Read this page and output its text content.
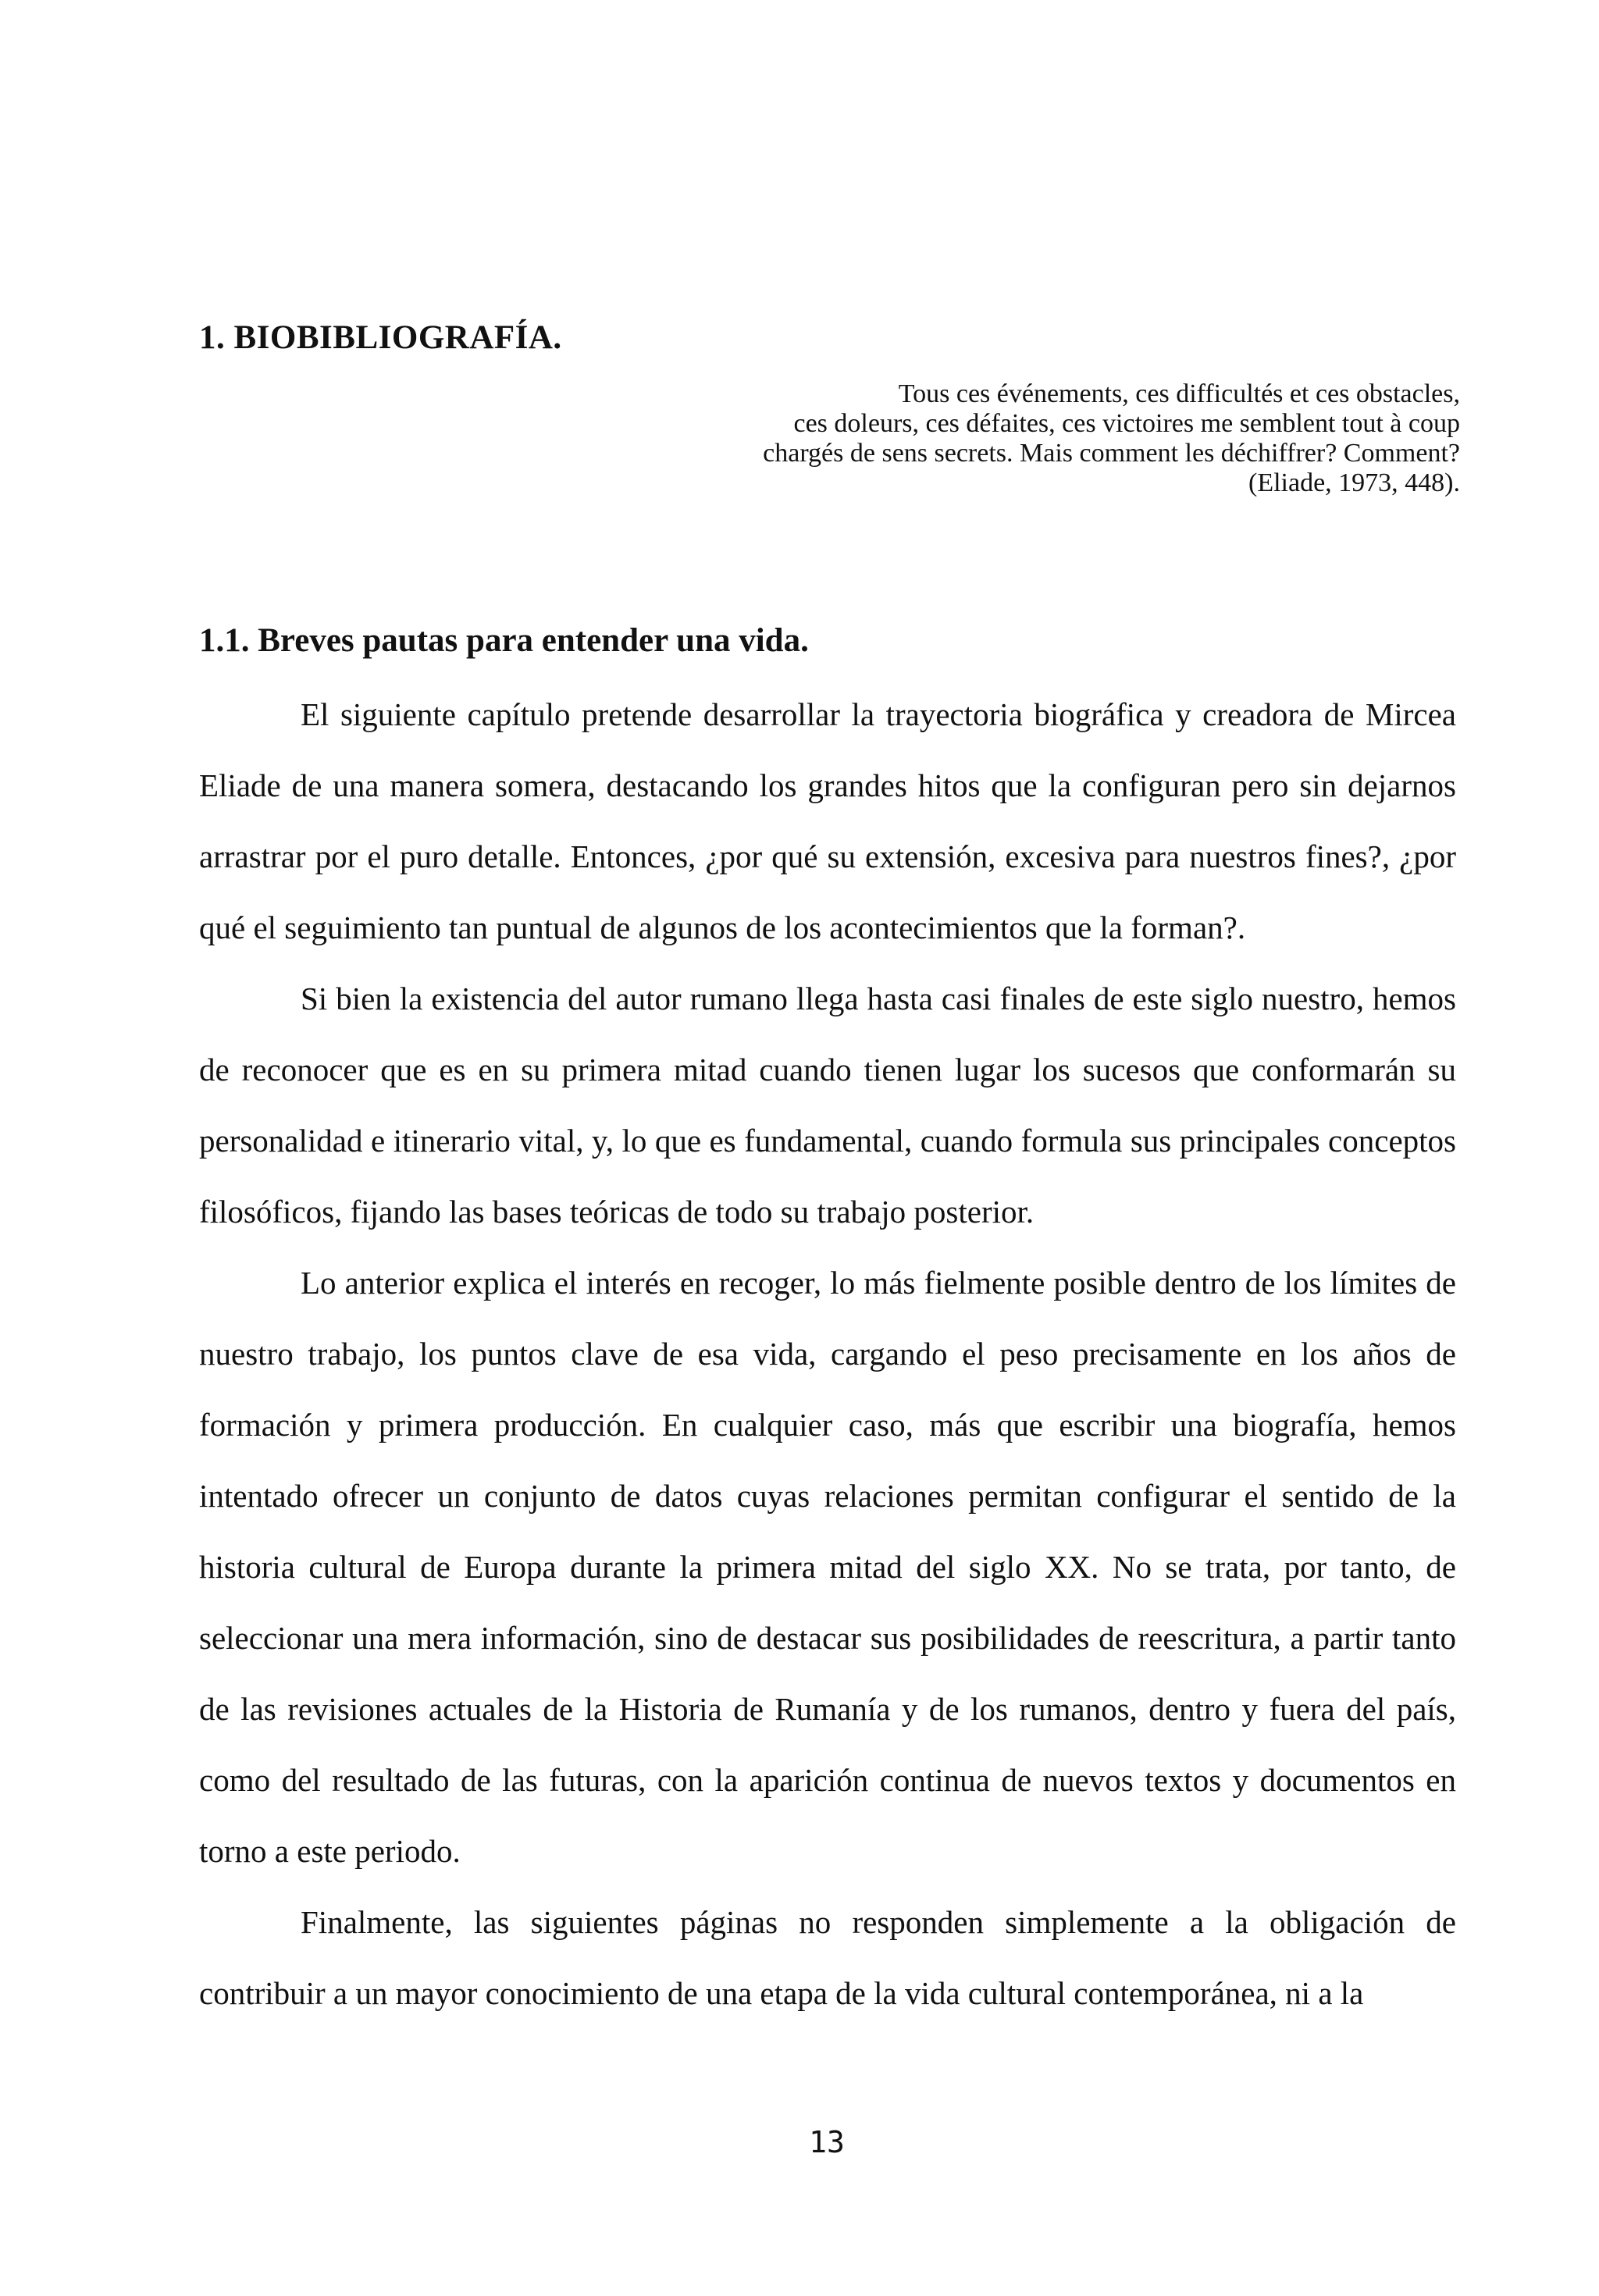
1. BIOBIBLIOGRAFÍA.
Tous ces événements, ces difficultés et ces obstacles,
ces doleurs, ces défaites, ces victoires me semblent tout à coup
chargés de sens secrets. Mais comment les déchiffrer? Comment?
(Eliade, 1973, 448).
1.1. Breves pautas para entender una vida.

El siguiente capítulo pretende desarrollar la trayectoria biográfica y creadora de Mircea Eliade de una manera somera, destacando los grandes hitos que la configuran pero sin dejarnos arrastrar por el puro detalle. Entonces, ¿por qué su extensión, excesiva para nuestros fines?, ¿por qué el seguimiento tan puntual de algunos de los acontecimientos que la forman?.

Si bien la existencia del autor rumano llega hasta casi finales de este siglo nuestro, hemos de reconocer que es en su primera mitad cuando tienen lugar los sucesos que conformarán su personalidad e itinerario vital, y, lo que es fundamental, cuando formula sus principales conceptos filosóficos, fijando las bases teóricas de todo su trabajo posterior.

Lo anterior explica el interés en recoger, lo más fielmente posible dentro de los límites de nuestro trabajo, los puntos clave de esa vida, cargando el peso precisamente en los años de formación y primera producción. En cualquier caso, más que escribir una biografía, hemos intentado ofrecer un conjunto de datos cuyas relaciones permitan configurar el sentido de la historia cultural de Europa durante la primera mitad del siglo XX. No se trata, por tanto, de seleccionar una mera información, sino de destacar sus posibilidades de reescritura, a partir tanto de las revisiones actuales de la Historia de Rumanía y de los rumanos, dentro y fuera del país, como del resultado de las futuras, con la aparición continua de nuevos textos y documentos en torno a este periodo.

Finalmente, las siguientes páginas no responden simplemente a la obligación de contribuir a un mayor conocimiento de una etapa de la vida cultural contemporánea, ni a la

13
